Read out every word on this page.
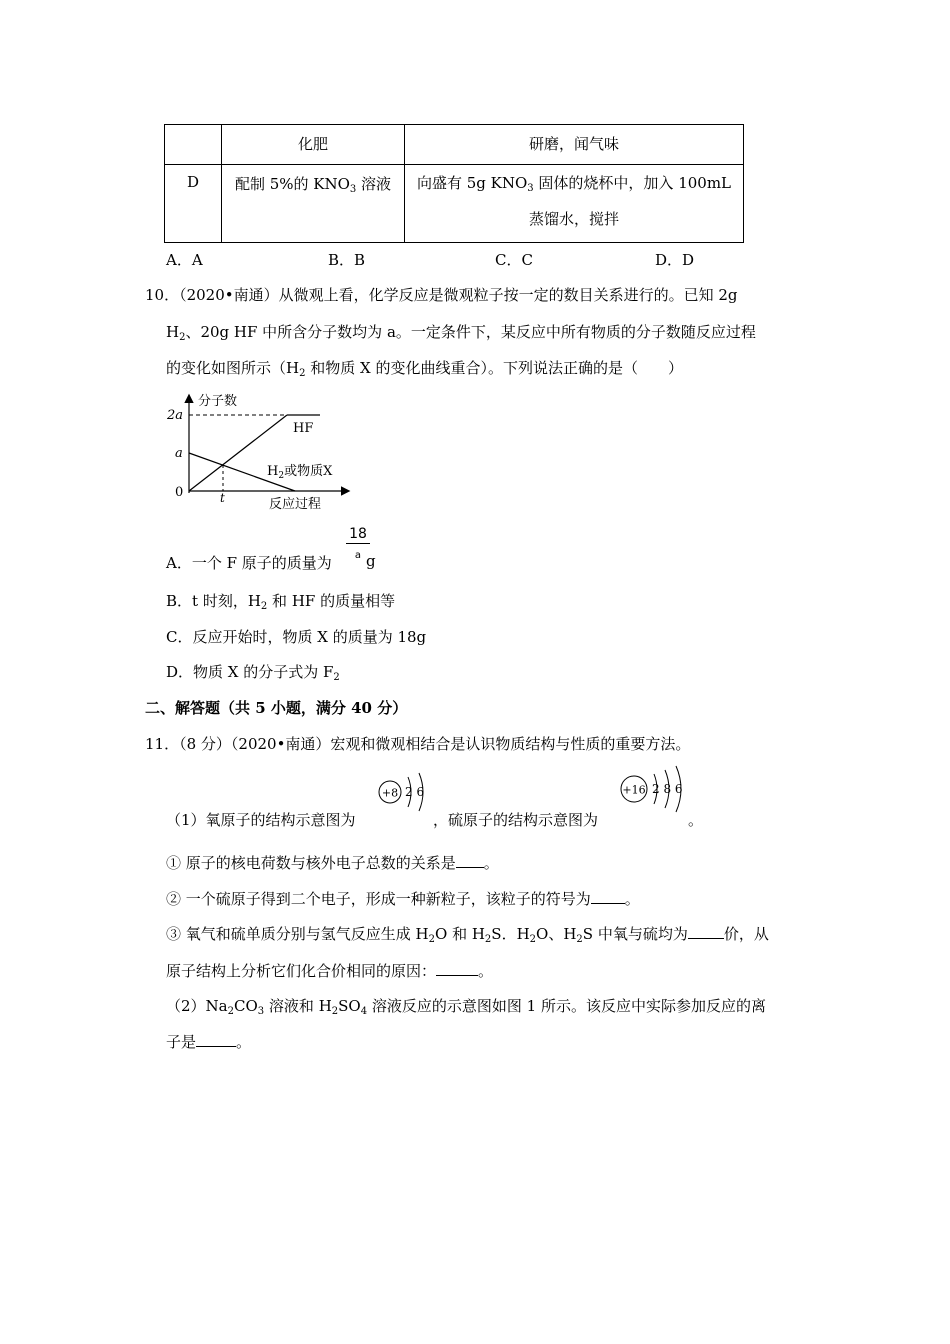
	化肥	研磨，闻气味
D	配制 5%的 $KNO_3$ 溶液	向盛有 5g $KNO_3$ 固体的烧杯中，加入 100mL
蒸馏水，搅拌
A．A	B．B	C．C	D．D
10．（2020•南通）从微观上看，化学反应是微观粒子按一定的数目关系进行的。已知 2g
$H_2$、20g HF 中所含分子数均为 a。一定条件下，某反应中所有物质的分子数随反应过程
的变化如图所示（$H_2$ 和物质 X 的变化曲线重合）。下列说法正确的是（　　）
分子数
2a
a
0	t
HF
$H_2$或物质X
反应过程
A．一个 F 原子的质量为
18
a g
B．t 时刻，$H_2$ 和 HF 的质量相等
C．反应开始时，物质 X 的质量为 18g
D．物质 X 的分子式为 $F_2$
二、解答题（共 5 小题，满分 40 分）
11．（8 分）（2020•南通）宏观和微观相结合是认识物质结构与性质的重要方法。
（1）氧原子的结构示意图为
+8 2 6
，硫原子的结构示意图为
+16 2 8 6
。
① 原子的核电荷数与核外电子总数的关系是 。
② 一个硫原子得到二个电子，形成一种新粒子，该粒子的符号为 。
③ 氧气和硫单质分别与氢气反应生成 $H_2O$ 和 $H_2S$．$H_2O$、$H_2S$ 中氧与硫均为 价，从
原子结构上分析它们化合价相同的原因：	。
$(2)Na_2CO_3$ 溶液和 $H_2SO_4$ 溶液反应的示意图如图 1 所示。该反应中实际参加反应的离
子是	。
